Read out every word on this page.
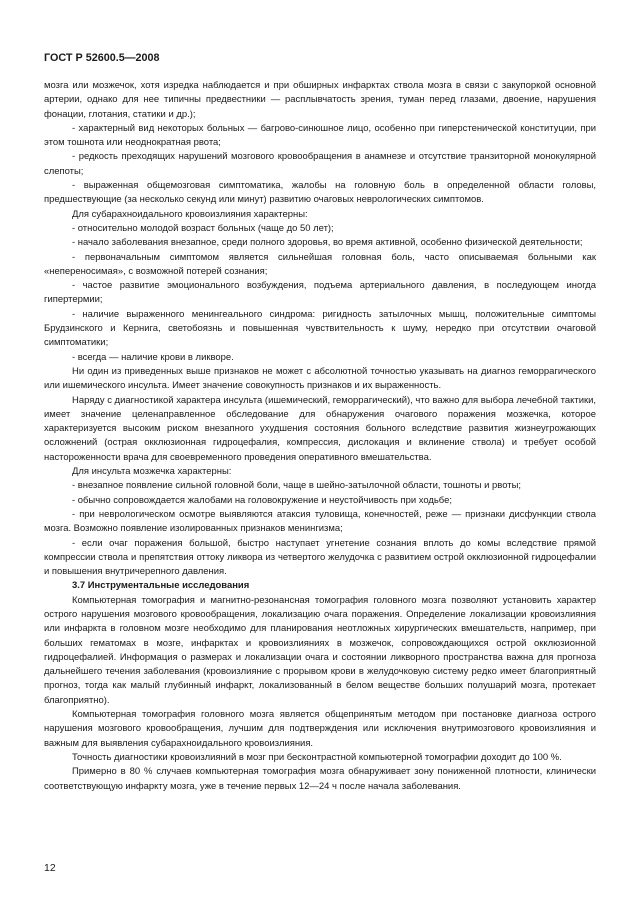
ГОСТ Р 52600.5—2008

мозга или мозжечок, хотя изредка наблюдается и при обширных инфарктах ствола мозга в связи с закупоркой основной артерии, однако для нее типичны предвестники — расплывчатость зрения, туман перед глазами, двоение, нарушения фонации, глотания, статики и др.);

- характерный вид некоторых больных — багрово-синюшное лицо, особенно при гиперстенической конституции, при этом тошнота или неоднократная рвота;

- редкость преходящих нарушений мозгового кровообращения в анамнезе и отсутствие транзиторной монокулярной слепоты;

- выраженная общемозговая симптоматика, жалобы на головную боль в определенной области головы, предшествующие (за несколько секунд или минут) развитию очаговых неврологических симптомов.

Для субарахноидального кровоизлияния характерны:

- относительно молодой возраст больных (чаще до 50 лет);

- начало заболевания внезапное, среди полного здоровья, во время активной, особенно физической деятельности;

- первоначальным симптомом является сильнейшая головная боль, часто описываемая больными как «непереносимая», с возможной потерей сознания;

- частое развитие эмоционального возбуждения, подъема артериального давления, в последующем иногда гипертермии;

- наличие выраженного менингеального синдрома: ригидность затылочных мышц, положительные симптомы Брудзинского и Кернига, светобоязнь и повышенная чувствительность к шуму, нередко при отсутствии очаговой симптоматики;

- всегда — наличие крови в ликворе.

Ни один из приведенных выше признаков не может с абсолютной точностью указывать на диагноз геморрагического или ишемического инсульта. Имеет значение совокупность признаков и их выраженность.

Наряду с диагностикой характера инсульта (ишемический, геморрагический), что важно для выбора лечебной тактики, имеет значение целенаправленное обследование для обнаружения очагового поражения мозжечка, которое характеризуется высоким риском внезапного ухудшения состояния больного вследствие развития жизнеугрожающих осложнений (острая окклюзионная гидроцефалия, компрессия, дислокация и вклинение ствола) и требует особой настороженности врача для своевременного проведения оперативного вмешательства.

Для инсульта мозжечка характерны:

- внезапное появление сильной головной боли, чаще в шейно-затылочной области, тошноты и рвоты;

- обычно сопровождается жалобами на головокружение и неустойчивость при ходьбе;

- при неврологическом осмотре выявляются атаксия туловища, конечностей, реже — признаки дисфункции ствола мозга. Возможно появление изолированных признаков менингизма;

- если очаг поражения большой, быстро наступает угнетение сознания вплоть до комы вследствие прямой компрессии ствола и препятствия оттоку ликвора из четвертого желудочка с развитием острой окклюзионной гидроцефалии и повышения внутричерепного давления.

3.7 Инструментальные исследования

Компьютерная томография и магнитно-резонансная томография головного мозга позволяют установить характер острого нарушения мозгового кровообращения, локализацию очага поражения. Определение локализации кровоизлияния или инфаркта в головном мозге необходимо для планирования неотложных хирургических вмешательств, например, при больших гематомах в мозге, инфарктах и кровоизлияниях в мозжечок, сопровождающихся острой окклюзионной гидроцефалией. Информация о размерах и локализации очага и состоянии ликворного пространства важна для прогноза дальнейшего течения заболевания (кровоизлияние с прорывом крови в желудочковую систему редко имеет благоприятный прогноз, тогда как малый глубинный инфаркт, локализованный в белом веществе больших полушарий мозга, протекает благоприятно).

Компьютерная томография головного мозга является общепринятым методом при постановке диагноза острого нарушения мозгового кровообращения, лучшим для подтверждения или исключения внутримозгового кровоизлияния и важным для выявления субарахноидального кровоизлияния.

Точность диагностики кровоизлияний в мозг при бесконтрастной компьютерной томографии доходит до 100 %.

Примерно в 80 % случаев компьютерная томография мозга обнаруживает зону пониженной плотности, клинически соответствующую инфаркту мозга, уже в течение первых 12—24 ч после начала заболевания.

12
